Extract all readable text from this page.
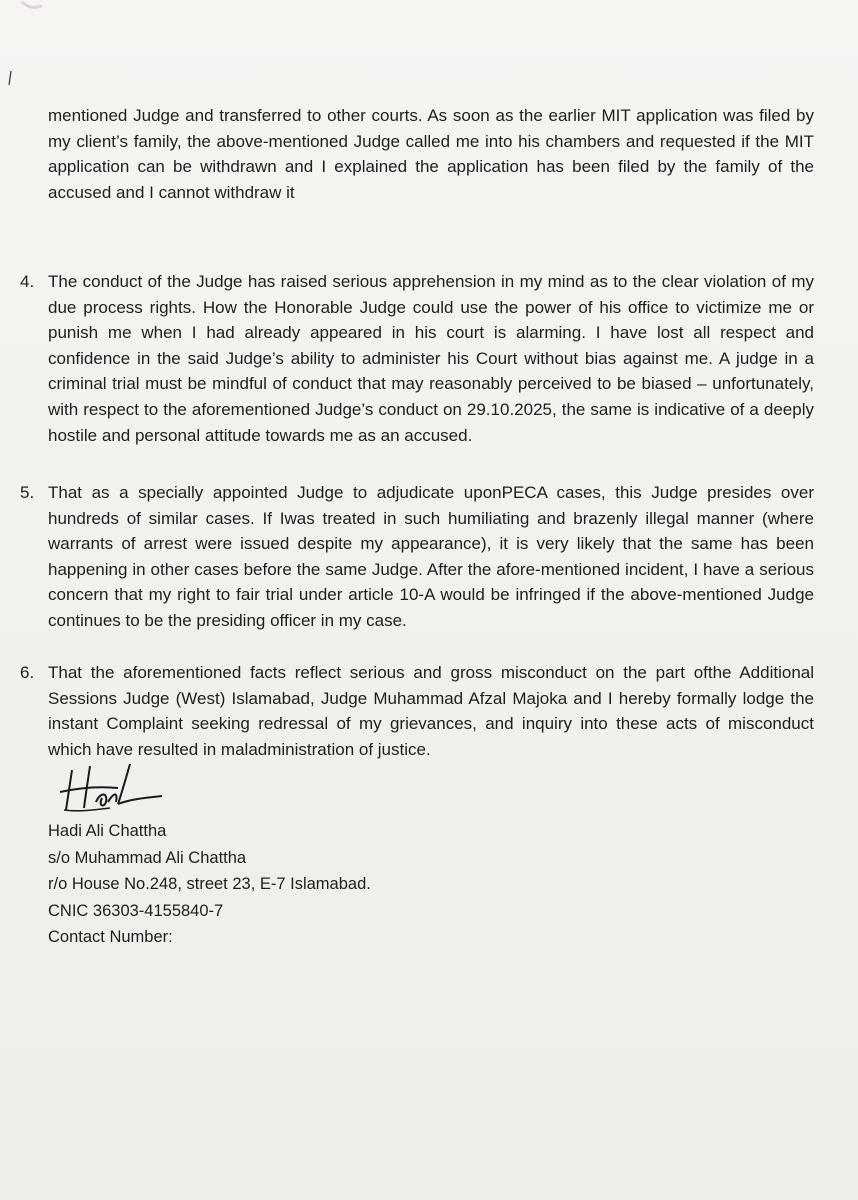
mentioned Judge and transferred to other courts. As soon as the earlier MIT application was filed by my client’s family, the above-mentioned Judge called me into his chambers and requested if the MIT application can be withdrawn and I explained the application has been filed by the family of the accused and I cannot withdraw it
4. The conduct of the Judge has raised serious apprehension in my mind as to the clear violation of my due process rights. How the Honorable Judge could use the power of his office to victimize me or punish me when I had already appeared in his court is alarming. I have lost all respect and confidence in the said Judge’s ability to administer his Court without bias against me. A judge in a criminal trial must be mindful of conduct that may reasonably perceived to be biased – unfortunately, with respect to the aforementioned Judge’s conduct on 29.10.2025, the same is indicative of a deeply hostile and personal attitude towards me as an accused.
5. That as a specially appointed Judge to adjudicate uponPECA cases, this Judge presides over hundreds of similar cases. If Iwas treated in such humiliating and brazenly illegal manner (where warrants of arrest were issued despite my appearance), it is very likely that the same has been happening in other cases before the same Judge. After the afore-mentioned incident, I have a serious concern that my right to fair trial under article 10-A would be infringed if the above-mentioned Judge continues to be the presiding officer in my case.
6. That the aforementioned facts reflect serious and gross misconduct on the part ofthe Additional Sessions Judge (West) Islamabad, Judge Muhammad Afzal Majoka and I hereby formally lodge the instant Complaint seeking redressal of my grievances, and inquiry into these acts of misconduct which have resulted in maladministration of justice.
Hadi Ali Chattha
s/o Muhammad Ali Chattha
r/o House No.248, street 23, E-7 Islamabad.
CNIC 36303-4155840-7
Contact Number:
